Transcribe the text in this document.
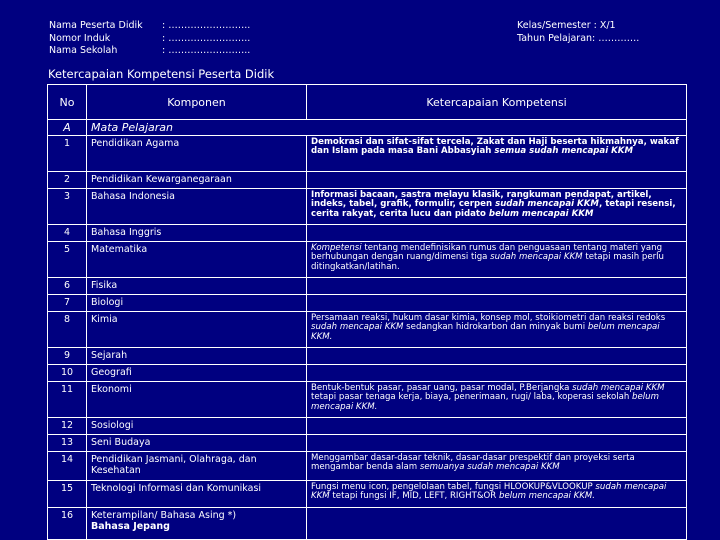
Nama Peserta Didik	: ……………………..
Nomor Induk	: ……………………..
Nama Sekolah	: ……………………..
Kelas/Semester : X/1
Tahun Pelajaran: ………….
Ketercapaian Kompetensi Peserta Didik
No	Komponen	Ketercapaian Kompetensi
A	Mata Pelajaran	
1	Pendidikan Agama	Demokrasi dan sifat-sifat tercela, Zakat dan Haji beserta hikmahnya, wakaf dan Islam pada masa Bani Abbasyiah semua sudah mencapai KKM
2	Pendidikan Kewarganegaraan	
3	Bahasa Indonesia	Informasi bacaan, sastra melayu klasik, rangkuman pendapat, artikel, indeks, tabel, grafik, formulir, cerpen sudah mencapai KKM, tetapi resensi, cerita rakyat, cerita lucu dan pidato belum mencapai KKM
4	Bahasa Inggris	
5	Matematika	Kompetensi tentang mendefinisikan rumus dan penguasaan tentang materi yang berhubungan dengan ruang/dimensi tiga sudah mencapai KKM tetapi masih perlu ditingkatkan/latihan.
6	Fisika	
7	Biologi	
8	Kimia	Persamaan reaksi, hukum dasar kimia, konsep mol, stoikiometri dan reaksi redoks sudah mencapai KKM sedangkan hidrokarbon dan minyak bumi belum mencapai KKM.
9	Sejarah	
10	Geografi	
11	Ekonomi	Bentuk-bentuk pasar, pasar uang, pasar modal, P.Berjangka sudah mencapai KKM tetapi pasar tenaga kerja, biaya, penerimaan, rugi/ laba, koperasi sekolah belum mencapai KKM.
12	Sosiologi	
13	Seni Budaya	
14	Pendidikan Jasmani, Olahraga, dan Kesehatan	Menggambar dasar-dasar teknik, dasar-dasar prespektif dan proyeksi serta mengambar benda alam semuanya sudah mencapai KKM
15	Teknologi Informasi dan Komunikasi	Fungsi menu icon, pengelolaan tabel, fungsi HLOOKUP&VLOOKUP sudah mencapai KKM tetapi fungsi IF, MID, LEFT, RIGHT&OR belum mencapai KKM.
16	Keterampilan/ Bahasa Asing *)
Bahasa Jepang	
